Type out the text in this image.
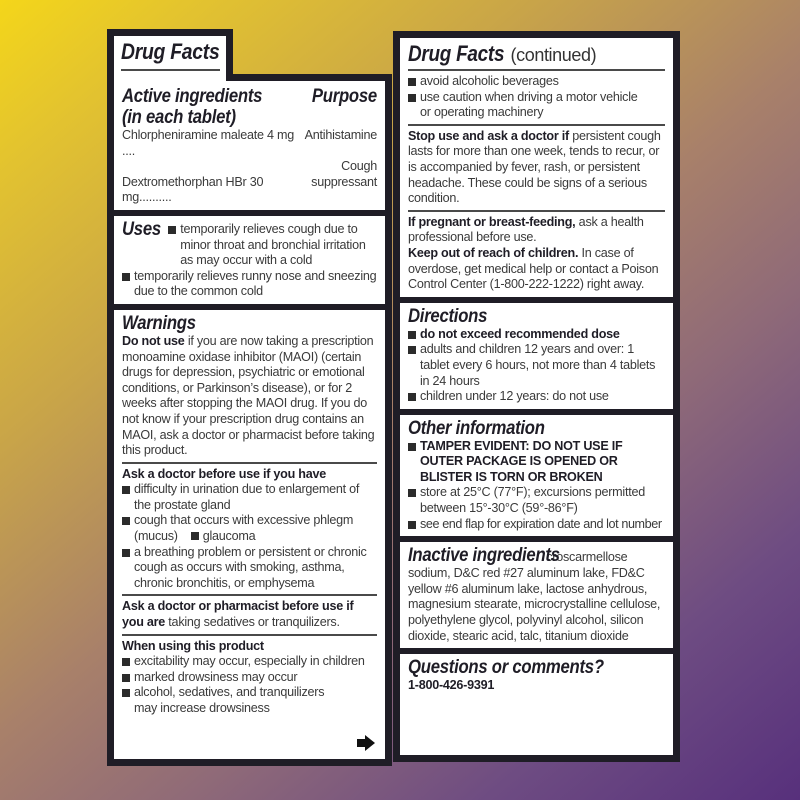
Drug Facts
Active ingredients	Purpose
(in each tablet)
Chlorpheniramine maleate 4 mg ....
Antihistamine
Cough
Dextromethorphan HBr 30 mg..........
suppressant
Uses temporarily relieves cough due to minor throat and bronchial irritation as may occur with a cold
temporarily relieves runny nose and sneezing due to the common cold
Warnings
Do not use if you are now taking a prescription monoamine oxidase inhibitor (MAOI) (certain drugs for depression, psychiatric or emotional conditions, or Parkinson’s disease), or for 2 weeks after stopping the MAOI drug. If you do not know if your prescription drug contains an MAOI, ask a doctor or pharmacist before taking this product.
Ask a doctor before use if you have
difficulty in urination due to enlargement of the prostate gland
cough that occurs with excessive phlegm (mucus) glaucoma
a breathing problem or persistent or chronic cough as occurs with smoking, asthma, chronic bronchitis, or emphysema
Ask a doctor or pharmacist before use if you are taking sedatives or tranquilizers.
When using this product
excitability may occur, especially in children
marked drowsiness may occur
alcohol, sedatives, and tranquilizers may increase drowsiness
Drug Facts (continued)
avoid alcoholic beverages
use caution when driving a motor vehicle or operating machinery
Stop use and ask a doctor if persistent cough lasts for more than one week, tends to recur, or is accompanied by fever, rash, or persistent headache. These could be signs of a serious condition.
If pregnant or breast-feeding, ask a health professional before use.
Keep out of reach of children. In case of overdose, get medical help or contact a Poison Control Center (1-800-222-1222) right away.
Directions
do not exceed recommended dose
adults and children 12 years and over: 1 tablet every 6 hours, not more than 4 tablets in 24 hours
children under 12 years: do not use
Other information
TAMPER EVIDENT: DO NOT USE IF OUTER PACKAGE IS OPENED OR BLISTER IS TORN OR BROKEN
store at 25°C (77°F); excursions permitted between 15°-30°C (59°-86°F)
see end flap for expiration date and lot number
Inactive ingredients croscarmellose sodium, D&C red #27 aluminum lake, FD&C yellow #6 aluminum lake, lactose anhydrous, magnesium stearate, microcrystalline cellulose, polyethylene glycol, polyvinyl alcohol, silicon dioxide, stearic acid, talc, titanium dioxide
Questions or comments?
1-800-426-9391
